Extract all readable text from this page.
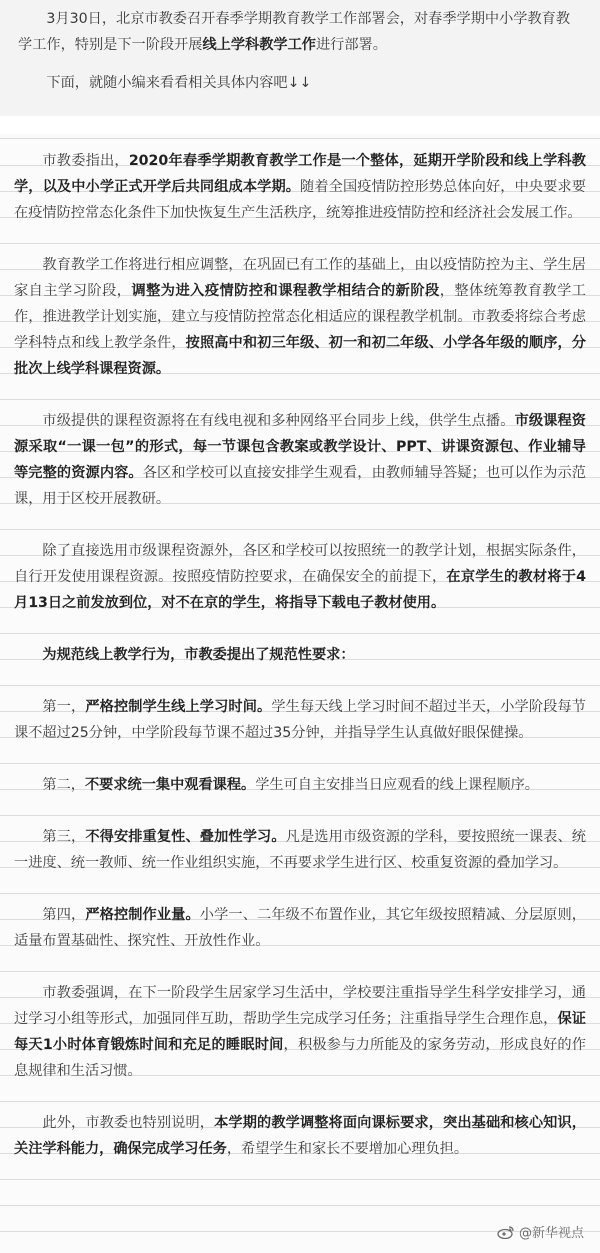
3月30日，北京市教委召开春季学期教育教学工作部署会，对春季学期中小学教育教学工作，特别是下一阶段开展线上学科教学工作进行部署。

下面，就随小编来看看相关具体内容吧↓↓

市教委指出，2020年春季学期教育教学工作是一个整体，延期开学阶段和线上学科教学，以及中小学正式开学后共同组成本学期。随着全国疫情防控形势总体向好，中央要求要在疫情防控常态化条件下加快恢复生产生活秩序，统筹推进疫情防控和经济社会发展工作。

教育教学工作将进行相应调整，在巩固已有工作的基础上，由以疫情防控为主、学生居家自主学习阶段，调整为进入疫情防控和课程教学相结合的新阶段，整体统筹教育教学工作，推进教学计划实施，建立与疫情防控常态化相适应的课程教学机制。市教委将综合考虑学科特点和线上教学条件，按照高中和初三年级、初一和初二年级、小学各年级的顺序，分批次上线学科课程资源。

市级提供的课程资源将在有线电视和多种网络平台同步上线，供学生点播。市级课程资源采取“一课一包”的形式，每一节课包含教案或教学设计、PPT、讲课资源包、作业辅导等完整的资源内容。各区和学校可以直接安排学生观看，由教师辅导答疑；也可以作为示范课，用于区校开展教研。

除了直接选用市级课程资源外，各区和学校可以按照统一的教学计划，根据实际条件，自行开发使用课程资源。按照疫情防控要求，在确保安全的前提下，在京学生的教材将于4月13日之前发放到位，对不在京的学生，将指导下载电子教材使用。

为规范线上教学行为，市教委提出了规范性要求：

第一，严格控制学生线上学习时间。学生每天线上学习时间不超过半天，小学阶段每节课不超过25分钟，中学阶段每节课不超过35分钟，并指导学生认真做好眼保健操。

第二，不要求统一集中观看课程。学生可自主安排当日应观看的线上课程顺序。

第三，不得安排重复性、叠加性学习。凡是选用市级资源的学科，要按照统一课表、统一进度、统一教师、统一作业组织实施，不再要求学生进行区、校重复资源的叠加学习。

第四，严格控制作业量。小学一、二年级不布置作业，其它年级按照精减、分层原则，适量布置基础性、探究性、开放性作业。

市教委强调，在下一阶段学生居家学习生活中，学校要注重指导学生科学安排学习，通过学习小组等形式，加强同伴互助，帮助学生完成学习任务；注重指导学生合理作息，保证每天1小时体育锻炼时间和充足的睡眠时间，积极参与力所能及的家务劳动，形成良好的作息规律和生活习惯。

此外，市教委也特别说明，本学期的教学调整将面向课标要求，突出基础和核心知识，关注学科能力，确保完成学习任务，希望学生和家长不要增加心理负担。

@新华视点
